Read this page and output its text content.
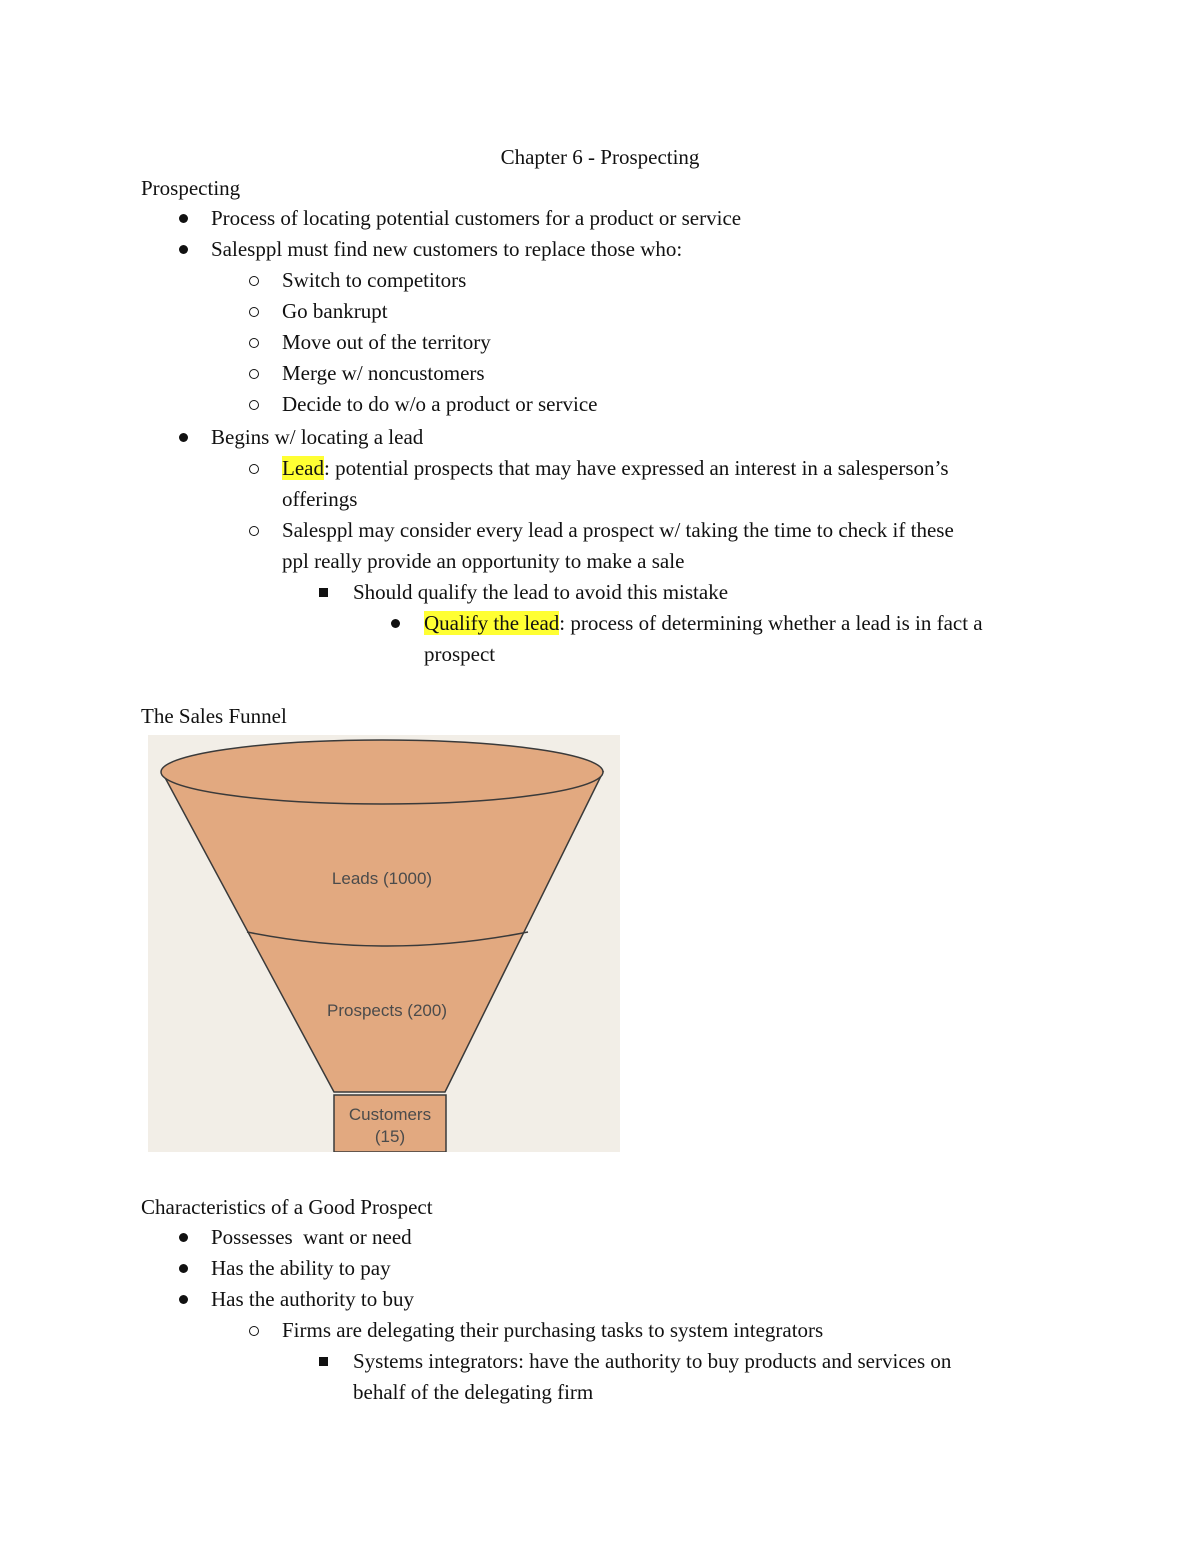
Chapter 6 - Prospecting
Prospecting
Process of locating potential customers for a product or service
Salesppl must find new customers to replace those who:
Switch to competitors
Go bankrupt
Move out of the territory
Merge w/ noncustomers
Decide to do w/o a product or service
Begins w/ locating a lead
Lead: potential prospects that may have expressed an interest in a salesperson’s
offerings
Salesppl may consider every lead a prospect w/ taking the time to check if these
ppl really provide an opportunity to make a sale
Should qualify the lead to avoid this mistake
Qualify the lead: process of determining whether a lead is in fact a
prospect
The Sales Funnel
Leads (1000)
Prospects (200)
Customers
(15)
Characteristics of a Good Prospect
Possesses  want or need
Has the ability to pay
Has the authority to buy
Firms are delegating their purchasing tasks to system integrators
Systems integrators: have the authority to buy products and services on
behalf of the delegating firm
